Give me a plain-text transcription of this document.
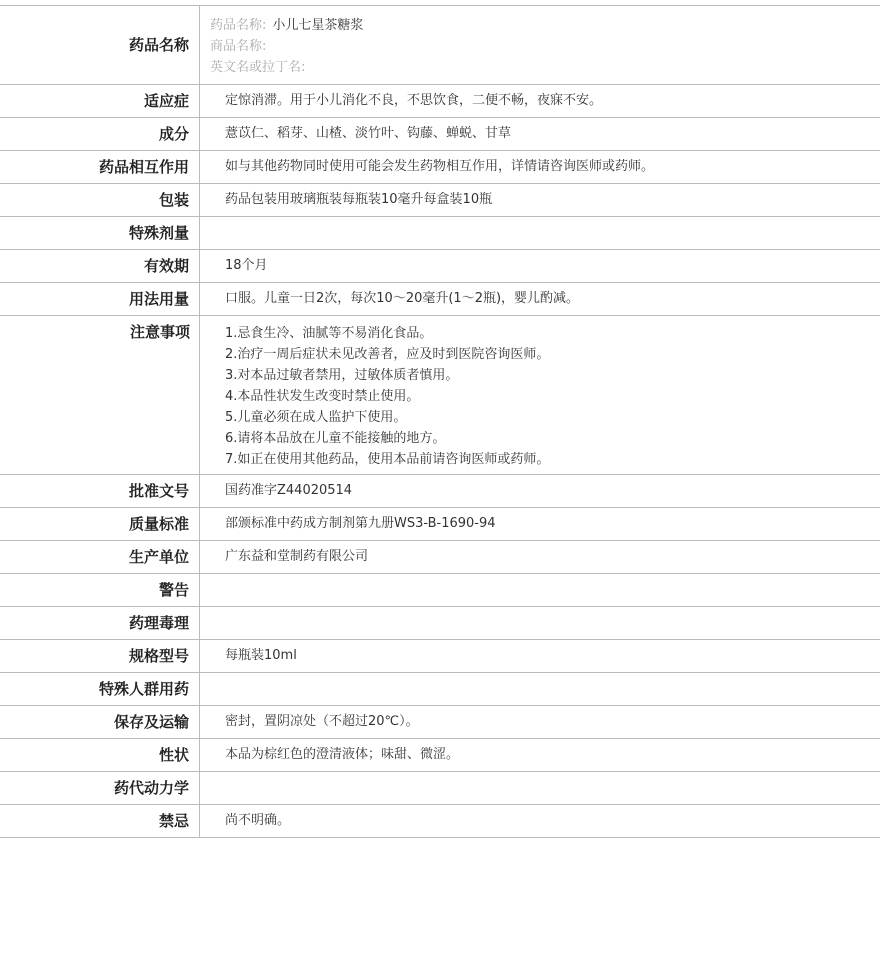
药品名称
药品名称: 小儿七星茶糖浆
商品名称:
英文名或拉丁名:
适应症	定惊消滞。用于小儿消化不良，不思饮食，二便不畅，夜寐不安。
成分	薏苡仁、稻芽、山楂、淡竹叶、钩藤、蝉蜕、甘草
药品相互作用	如与其他药物同时使用可能会发生药物相互作用，详情请咨询医师或药师。
包装	药品包装用玻璃瓶装每瓶装10毫升每盒装10瓶
特殊剂量
有效期	18个月
用法用量	口服。儿童一日2次，每次10～20毫升(1～2瓶)，婴儿酌减。
注意事项	1.忌食生冷、油腻等不易消化食品。
2.治疗一周后症状未见改善者，应及时到医院咨询医师。
3.对本品过敏者禁用，过敏体质者慎用。
4.本品性状发生改变时禁止使用。
5.儿童必须在成人监护下使用。
6.请将本品放在儿童不能接触的地方。
7.如正在使用其他药品，使用本品前请咨询医师或药师。
批准文号	国药准字Z44020514
质量标准	部颁标准中药成方制剂第九册WS3-B-1690-94
生产单位	广东益和堂制药有限公司
警告
药理毒理
规格型号	每瓶装10ml
特殊人群用药
保存及运输	密封，置阴凉处（不超过20℃）。
性状	本品为棕红色的澄清液体；味甜、微涩。
药代动力学
禁忌	尚不明确。
